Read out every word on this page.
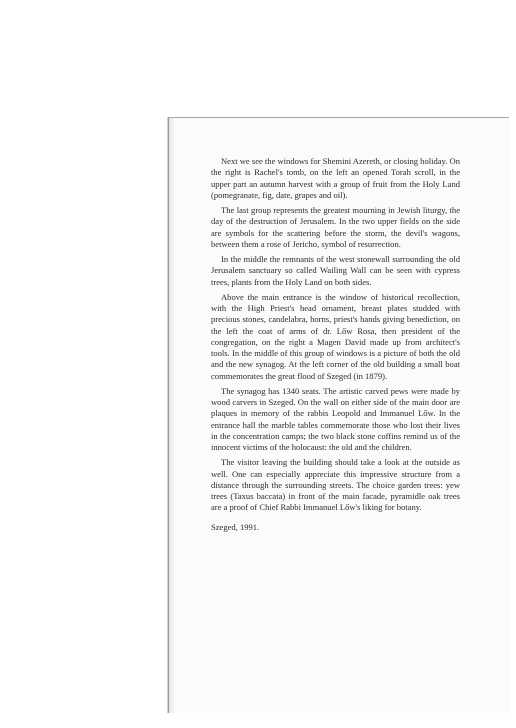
Next we see the windows for Shemini Azereth, or closing holiday. On the right is Rachel's tomb, on the left an opened Torah scroll, in the upper part an autumn harvest with a group of fruit from the Holy Land (pomegranate, fig, date, grapes and oil).

The last group represents the greatest mourning in Jewish liturgy, the day of the destruction of Jerusalem. In the two upper fields on the side are symbols for the scattering before the storm, the devil's wagons, between them a rose of Jericho, symbol of resurrection.

In the middle the remnants of the west stonewall surrounding the old Jerusalem sanctuary so called Wailing Wall can be seen with cypress trees, plants from the Holy Land on both sides.

Above the main entrance is the window of historical recollection, with the High Priest's head ornament, breast plates studded with precious stones, candelabra, horns, priest's hands giving benediction, on the left the coat of arms of dr. Lőw Rosa, then president of the congregation, on the right a Magen David made up from architect's tools. In the middle of this group of windows is a picture of both the old and the new synagog. At the left corner of the old building a small boat commemorates the great flood of Szeged (in 1879).

The synagog has 1340 seats. The artistic carved pews were made by wood carvers in Szeged. On the wall on either side of the main door are plaques in memory of the rabbis Leopold and Immanuel Lőw. In the entrance hall the marble tables commemorate those who lost their lives in the concentration camps; the two black stone coffins remind us of the innocent victims of the holocaust: the old and the children.

The visitor leaving the building should take a look at the outside as well. One can especially appreciate this impressive structure from a distance through the surrounding streets. The choice garden trees: yew trees (Taxus baccata) in front of the main facade, pyramidle oak trees are a proof of Chief Rabbi Immanuel Lőw's liking for botany.

Szeged, 1991.
